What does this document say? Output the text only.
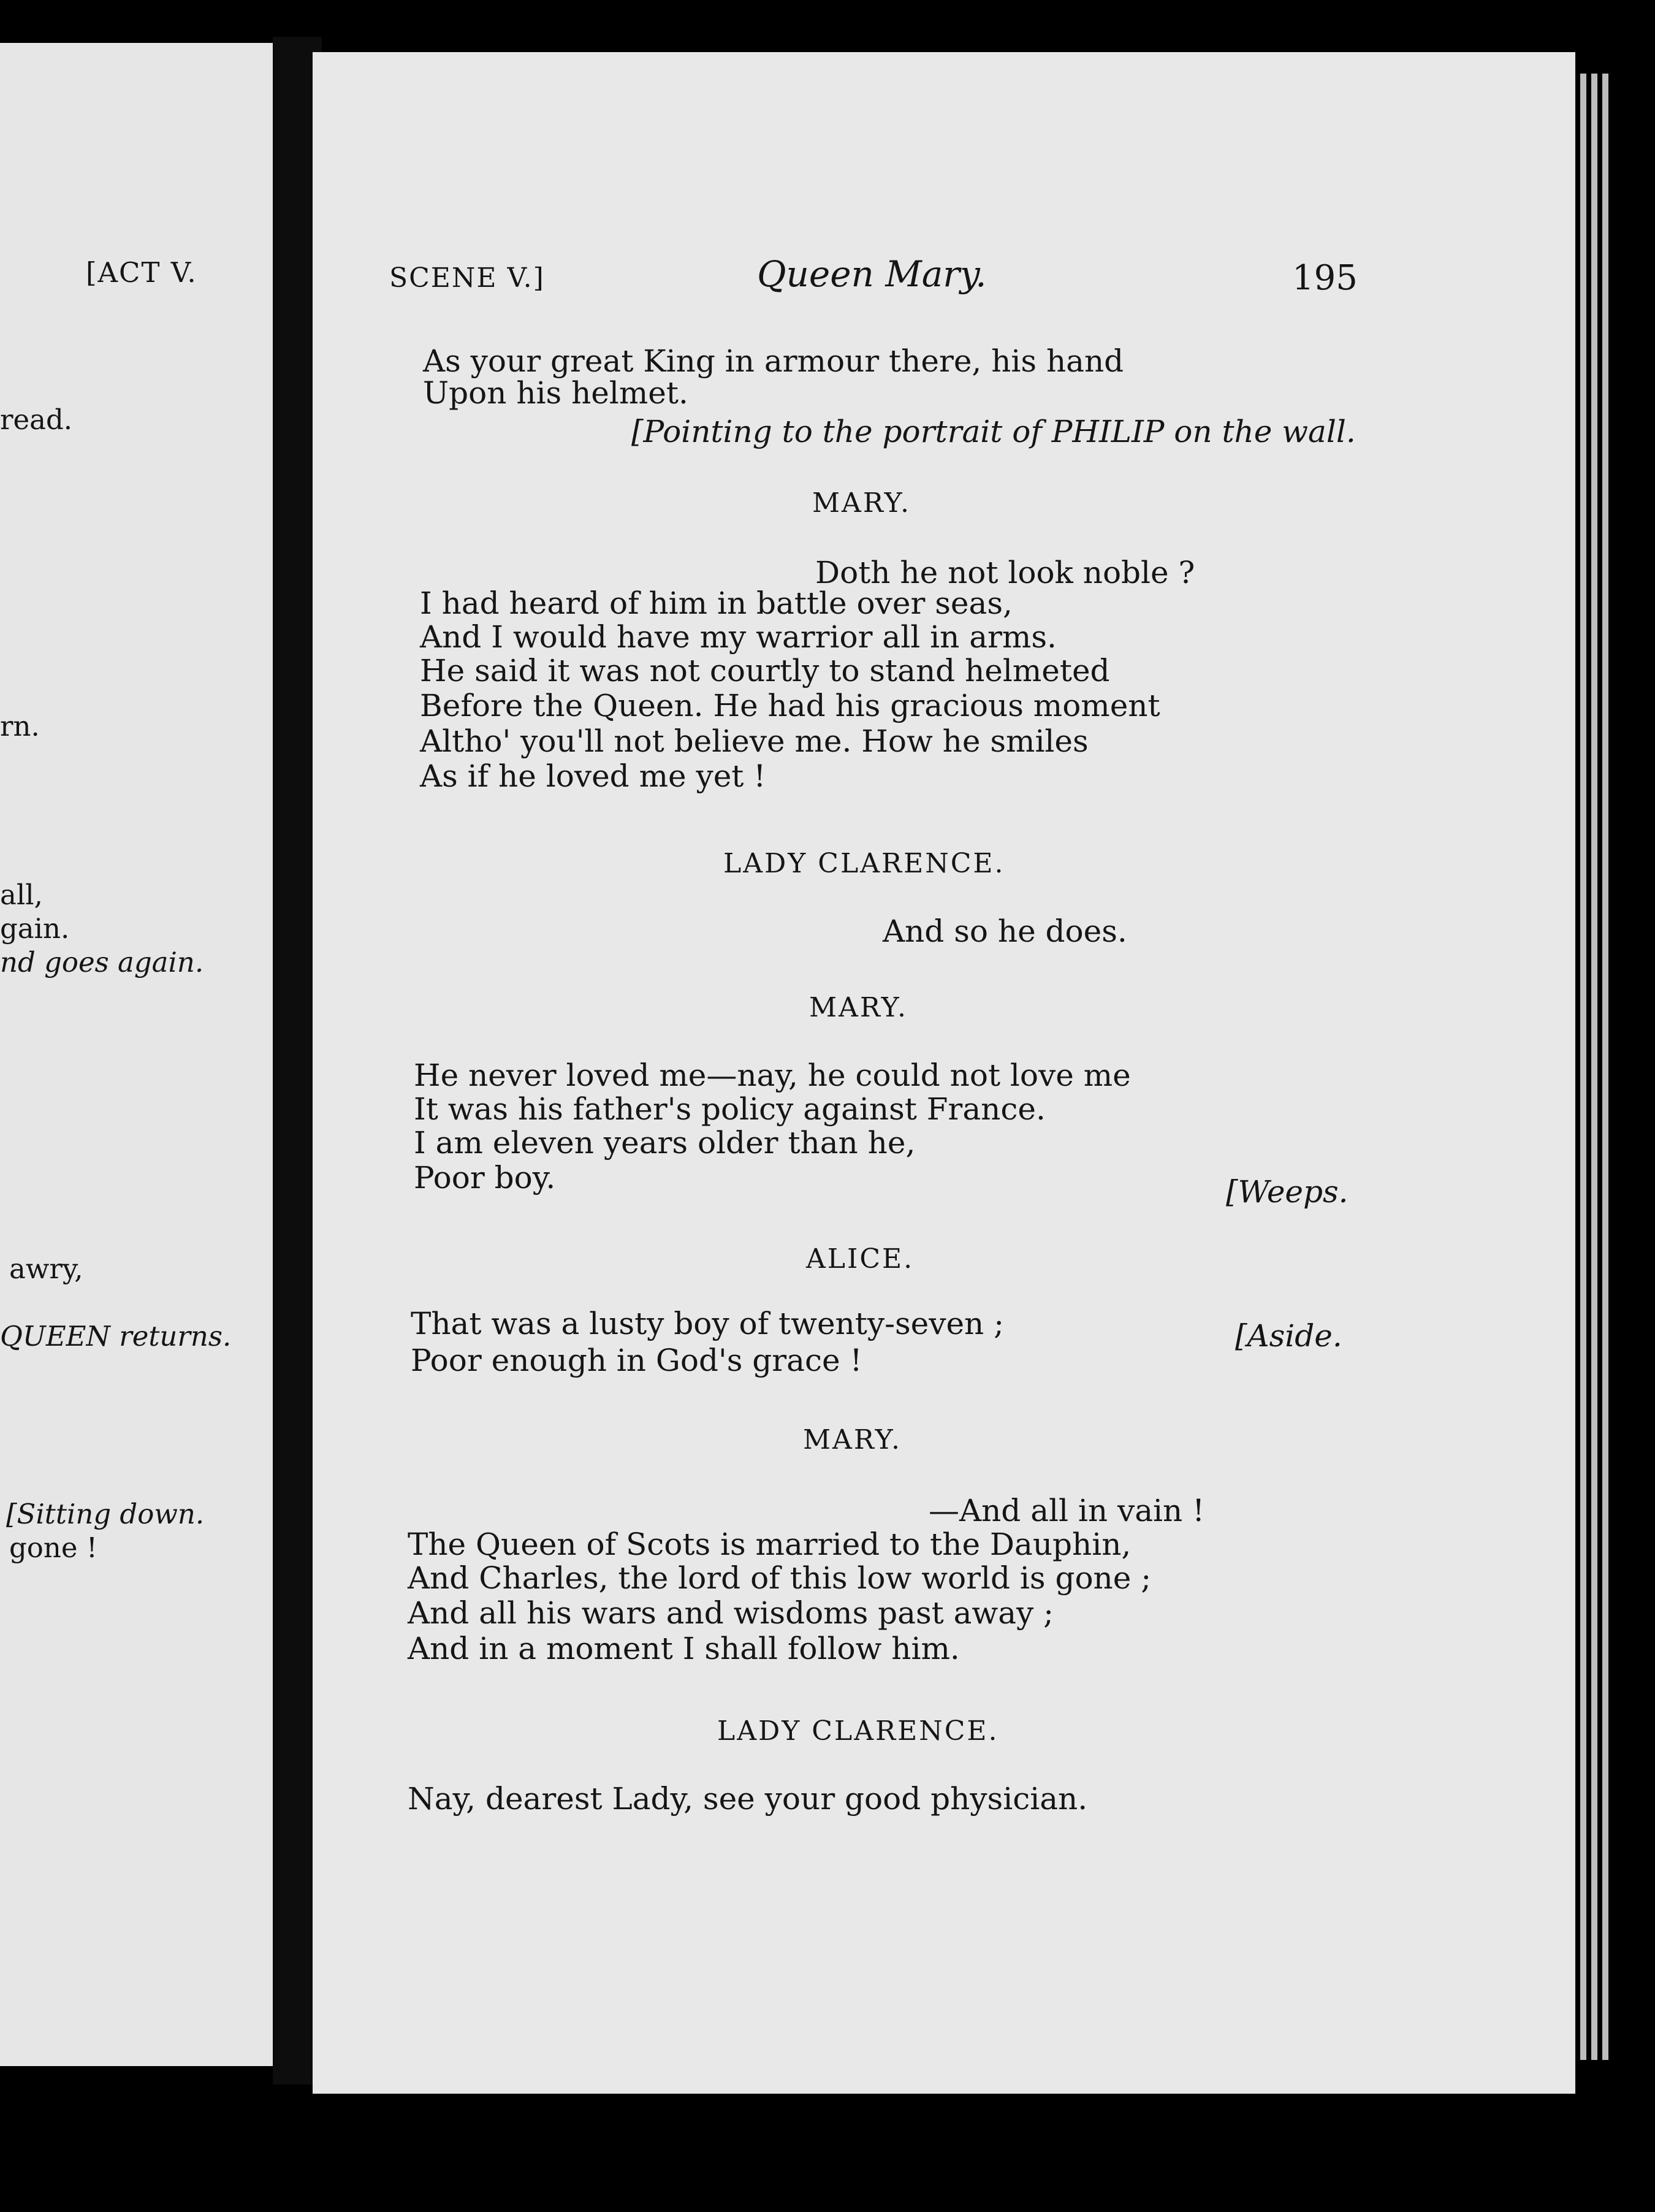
[ACT V.
read.
rn.
all,
gain.
nd goes again.
awry,
QUEEN returns.
[Sitting down.
gone !
SCENE V.]	Queen Mary.	195
As your great King in armour there, his hand
Upon his helmet.
[Pointing to the portrait of PHILIP on the wall.
MARY.
Doth he not look noble ?
I had heard of him in battle over seas,
And I would have my warrior all in arms.
He said it was not courtly to stand helmeted
Before the Queen. He had his gracious moment
Altho' you'll not believe me. How he smiles
As if he loved me yet !
LADY CLARENCE.
And so he does.
MARY.
He never loved me—nay, he could not love me
It was his father's policy against France.
I am eleven years older than he,
Poor boy.	[Weeps.
ALICE.
That was a lusty boy of twenty-seven ;	[Aside.
Poor enough in God's grace !
MARY.
—And all in vain !
The Queen of Scots is married to the Dauphin,
And Charles, the lord of this low world is gone ;
And all his wars and wisdoms past away ;
And in a moment I shall follow him.
LADY CLARENCE.
Nay, dearest Lady, see your good physician.
